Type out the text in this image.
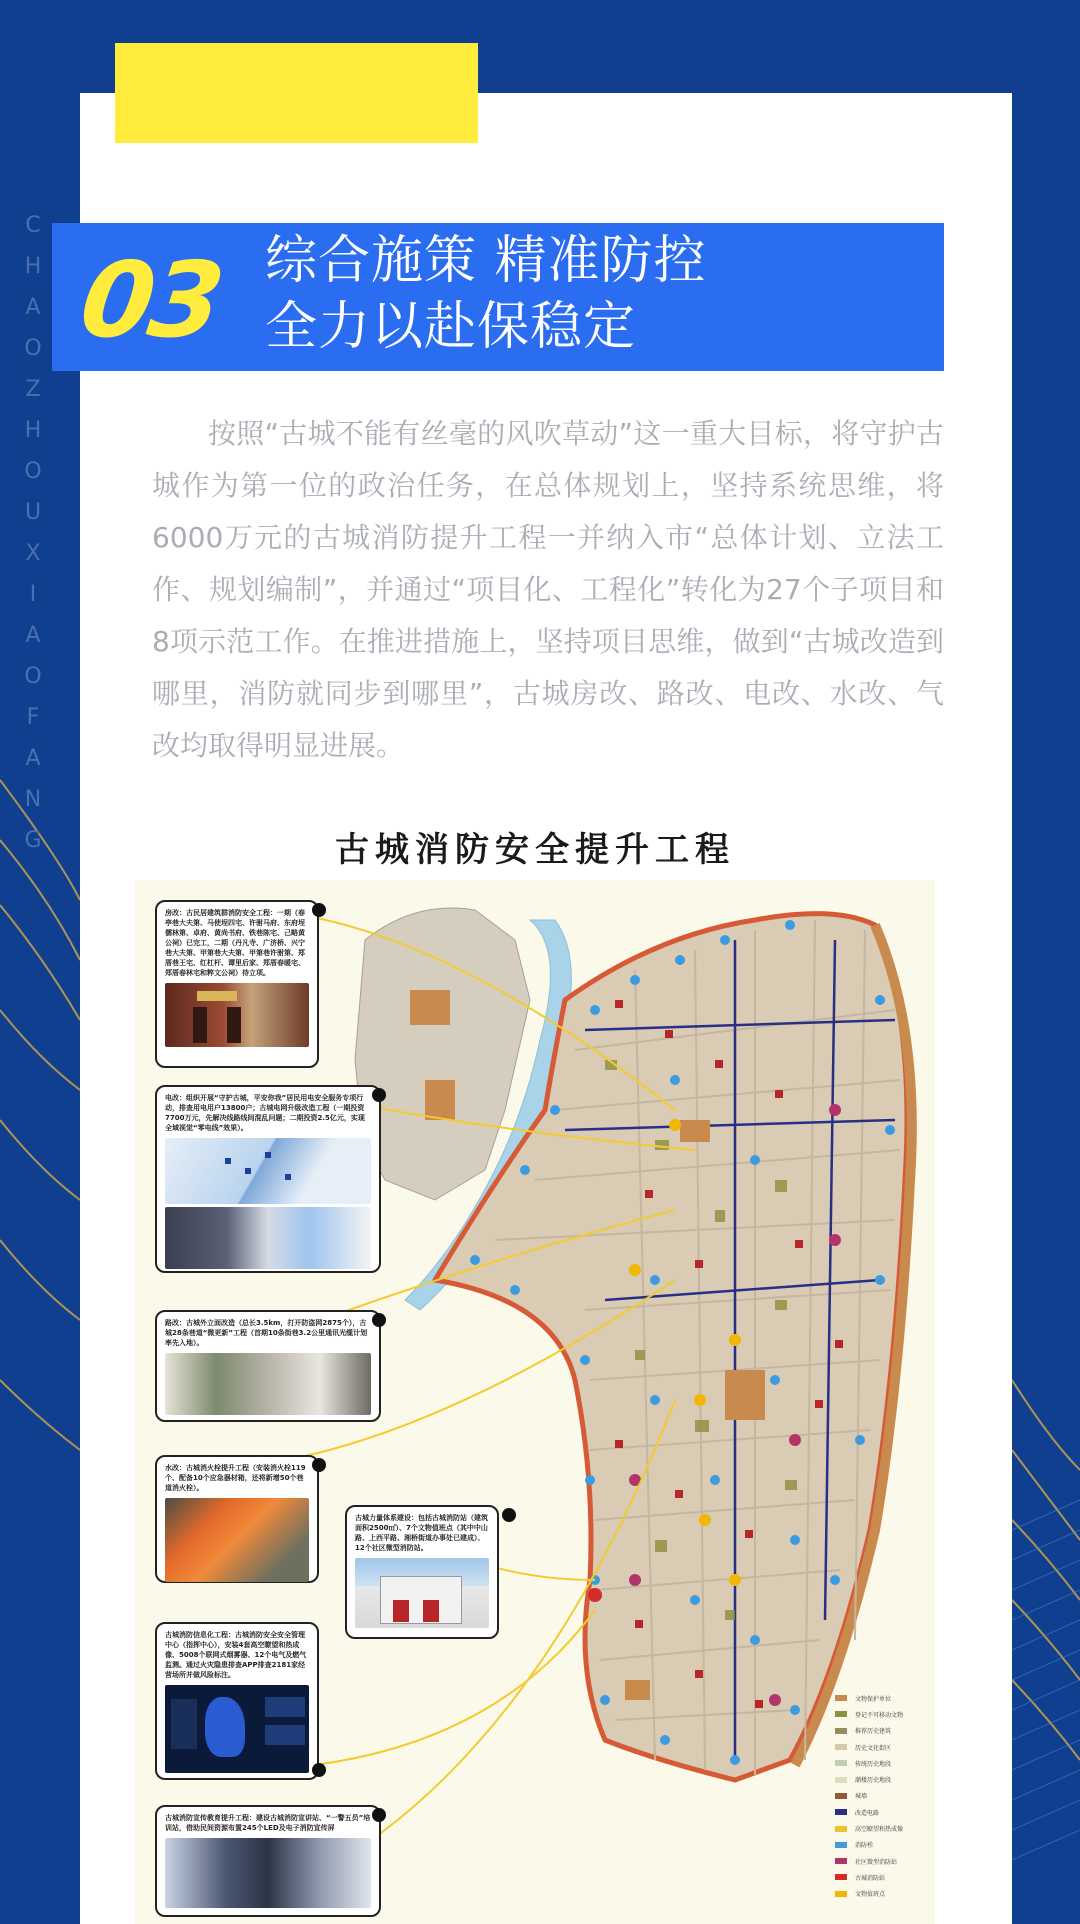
C
H
A
O
Z
H
O
U
X
I
A
O
F
A
N
G
03 综合施策 精准防控
全力以赴保稳定
按照“古城不能有丝毫的风吹草动”这一重大目标，将守护古城作为第一位的政治任务，在总体规划上，坚持系统思维，将6000万元的古城消防提升工程一并纳入市“总体计划、立法工作、规划编制”，并通过“项目化、工程化”转化为27个子项目和8项示范工作。在推进措施上，坚持项目思维，做到“古城改造到哪里，消防就同步到哪里”，古城房改、路改、电改、水改、气改均取得明显进展。
古城消防安全提升工程
房改：古民居建筑群消防安全工程：一期（春亭巷大夫第、马使埕四宅、许驸马府、东府埕儒林第、卓府、黄尚书府、铁巷陈宅、己略黄公祠）已完工，二期（丹凡寺、广济桥、兴宁巷大夫第、甲第巷大夫第、甲第巷许驸第、郑厝巷王宅、红杠杆、谭里后家、郑厝春暖宅、郑厝春林宅和粹文公祠）待立项。
电改：组织开展“守护古城，平安你我”居民用电安全服务专项行动，排查用电用户13800户；古城电网升级改造工程（一期投资7700万元，先解决线路线间混乱问题；二期投资2.5亿元，实现全域视觉“零电线”效果）。
路改：古城外立面改造（总长3.5km，打开防盗网2875个），古城28条巷道“微更新”工程（首期10条街巷3.2公里通讯光缆计划率先入地）。
水改：古城消火栓提升工程（安装消火栓119个、配备10个应急器材箱，还将新增50个巷道消火栓）。
古城力量体系建设：包括古城消防站（建筑面积2500㎡）、7个文物值班点（其中中山路、上西平路、湘桥街道办事处已建成）、12个社区微型消防站。
古城消防信息化工程：古城消防安全安全管理中心（指挥中心），安装4套高空瞭望和热成像、5008个联网式烟雾器、12个电气及燃气监测。通过火灾隐患排查APP排查2181家经营场所并做风险标注。
古城消防宣传教育提升工程：建设古城消防宣讲站、“一警五员”培训站，借助民间资源布置245个LED及电子消防宣传屏
文物保护单位
登记不可移动文物
推荐历史建筑
历史文化街区
传统历史地段
潮楼历史地段
城墙
改造电路
高空瞭望和热成像
消防栓
社区微型消防站
古城消防站
文物值班点
